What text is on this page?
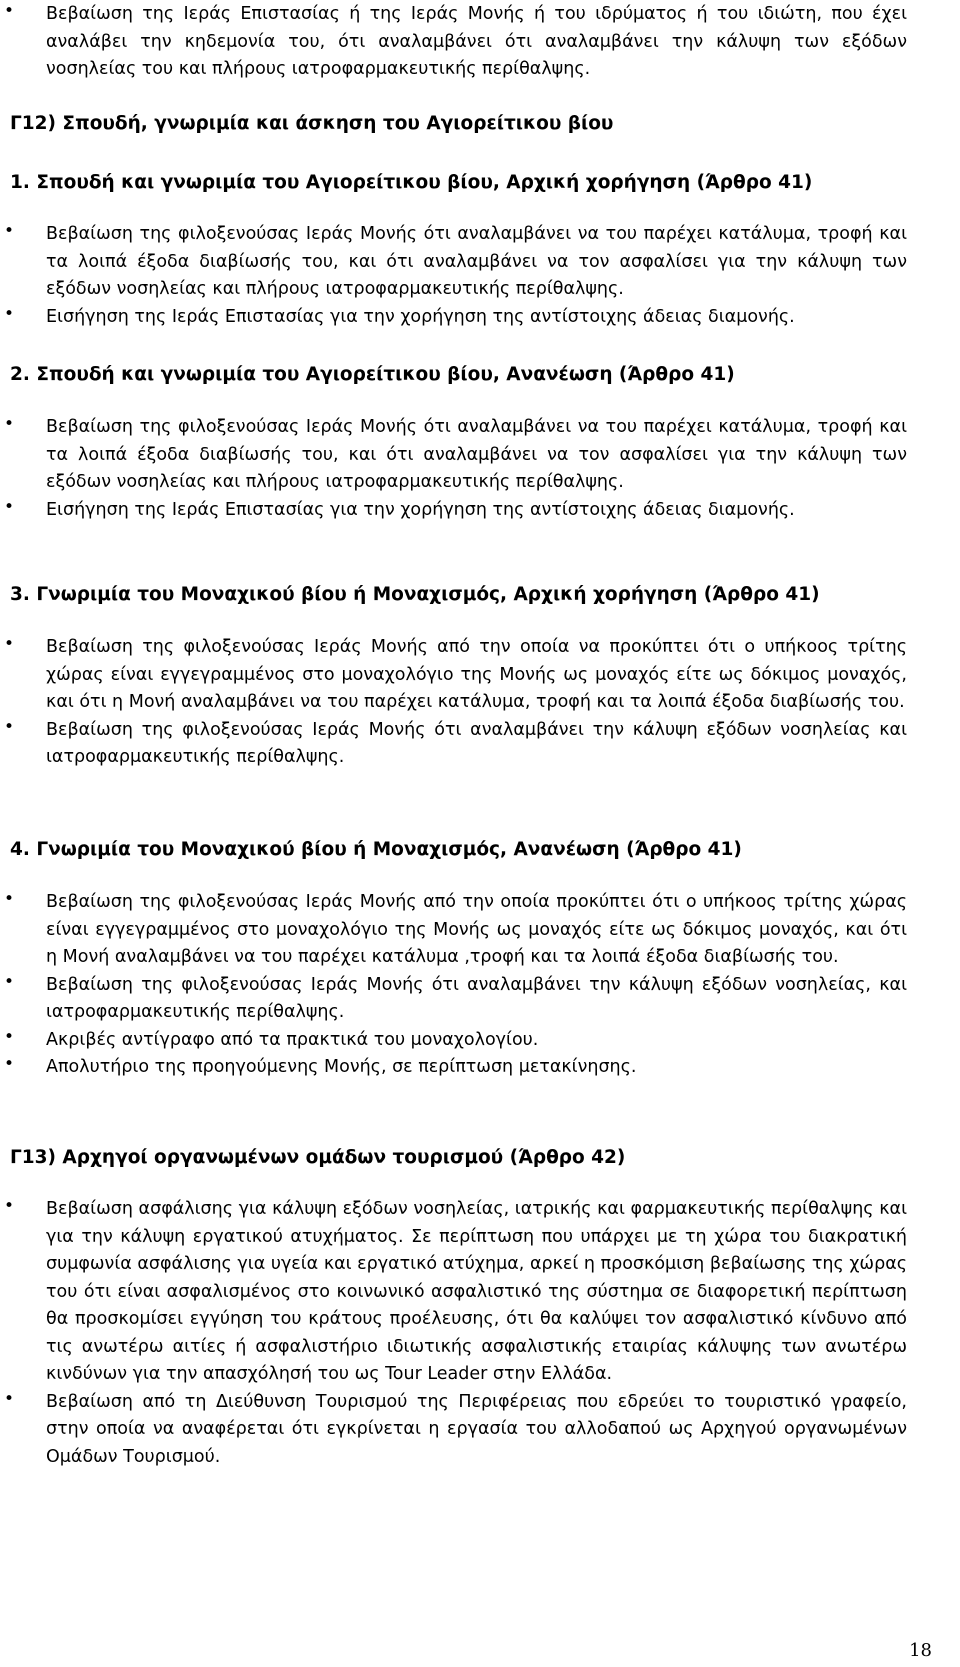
• Βεβαίωση της Ιεράς Επιστασίας ή της Ιεράς Μονής ή του ιδρύματος ή του ιδιώτη, που έχει αναλάβει την κηδεμονία του, ότι αναλαμβάνει ότι αναλαμβάνει την κάλυψη των εξόδων νοσηλείας του και πλήρους ιατροφαρμακευτικής περίθαλψης.

Γ12) Σπουδή, γνωριμία και άσκηση του Αγιορείτικου βίου

1. Σπουδή και γνωριμία του Αγιορείτικου βίου, Αρχική χορήγηση (Άρθρο 41)

• Βεβαίωση της φιλοξενούσας Ιεράς Μονής ότι αναλαμβάνει να του παρέχει κατάλυμα, τροφή και τα λοιπά έξοδα διαβίωσής του, και ότι αναλαμβάνει να τον ασφαλίσει για την κάλυψη των εξόδων νοσηλείας και πλήρους ιατροφαρμακευτικής περίθαλψης.

• Εισήγηση της Ιεράς Επιστασίας για την χορήγηση της αντίστοιχης άδειας διαμονής.

2. Σπουδή και γνωριμία του Αγιορείτικου βίου, Ανανέωση (Άρθρο 41)

• Βεβαίωση της φιλοξενούσας Ιεράς Μονής ότι αναλαμβάνει να του παρέχει κατάλυμα, τροφή και τα λοιπά έξοδα διαβίωσής του, και ότι αναλαμβάνει να τον ασφαλίσει για την κάλυψη των εξόδων νοσηλείας και πλήρους ιατροφαρμακευτικής περίθαλψης.

• Εισήγηση της Ιεράς Επιστασίας για την χορήγηση της αντίστοιχης άδειας διαμονής.

3. Γνωριμία του Μοναχικού βίου ή Μοναχισμός, Αρχική χορήγηση (Άρθρο 41)

• Βεβαίωση της φιλοξενούσας Ιεράς Μονής από την οποία να προκύπτει ότι ο υπήκοος τρίτης χώρας είναι εγγεγραμμένος στο μοναχολόγιο της Μονής ως μοναχός είτε ως δόκιμος μοναχός, και ότι η Μονή αναλαμβάνει να του παρέχει κατάλυμα, τροφή και τα λοιπά έξοδα διαβίωσής του.

• Βεβαίωση της φιλοξενούσας Ιεράς Μονής ότι αναλαμβάνει την κάλυψη εξόδων νοσηλείας και ιατροφαρμακευτικής περίθαλψης.

4. Γνωριμία του Μοναχικού βίου ή Μοναχισμός, Ανανέωση (Άρθρο 41)

• Βεβαίωση της φιλοξενούσας Ιεράς Μονής από την οποία προκύπτει ότι ο υπήκοος τρίτης χώρας είναι εγγεγραμμένος στο μοναχολόγιο της Μονής ως μοναχός είτε ως δόκιμος μοναχός, και ότι η Μονή αναλαμβάνει να του παρέχει κατάλυμα ,τροφή και τα λοιπά έξοδα διαβίωσής του.

• Βεβαίωση της φιλοξενούσας Ιεράς Μονής ότι αναλαμβάνει την κάλυψη εξόδων νοσηλείας, και ιατροφαρμακευτικής περίθαλψης.

• Ακριβές αντίγραφο από τα πρακτικά του μοναχολογίου.

• Απολυτήριο της προηγούμενης Μονής, σε περίπτωση μετακίνησης.

Γ13) Αρχηγοί οργανωμένων ομάδων τουρισμού (Άρθρο 42)

• Βεβαίωση ασφάλισης για κάλυψη εξόδων νοσηλείας, ιατρικής και φαρμακευτικής περίθαλψης και για την κάλυψη εργατικού ατυχήματος. Σε περίπτωση που υπάρχει με τη χώρα του διακρατική συμφωνία ασφάλισης για υγεία και εργατικό ατύχημα, αρκεί η προσκόμιση βεβαίωσης της χώρας του ότι είναι ασφαλισμένος στο κοινωνικό ασφαλιστικό της σύστημα σε διαφορετική περίπτωση θα προσκομίσει εγγύηση του κράτους προέλευσης, ότι θα καλύψει τον ασφαλιστικό κίνδυνο από τις ανωτέρω αιτίες ή ασφαλιστήριο ιδιωτικής ασφαλιστικής εταιρίας κάλυψης των ανωτέρω κινδύνων για την απασχόλησή του ως Tour Leader στην Ελλάδα.

• Βεβαίωση από τη Διεύθυνση Τουρισμού της Περιφέρειας που εδρεύει το τουριστικό γραφείο, στην οποία να αναφέρεται ότι εγκρίνεται η εργασία του αλλοδαπού ως Αρχηγού οργανωμένων Ομάδων Τουρισμού.

18
